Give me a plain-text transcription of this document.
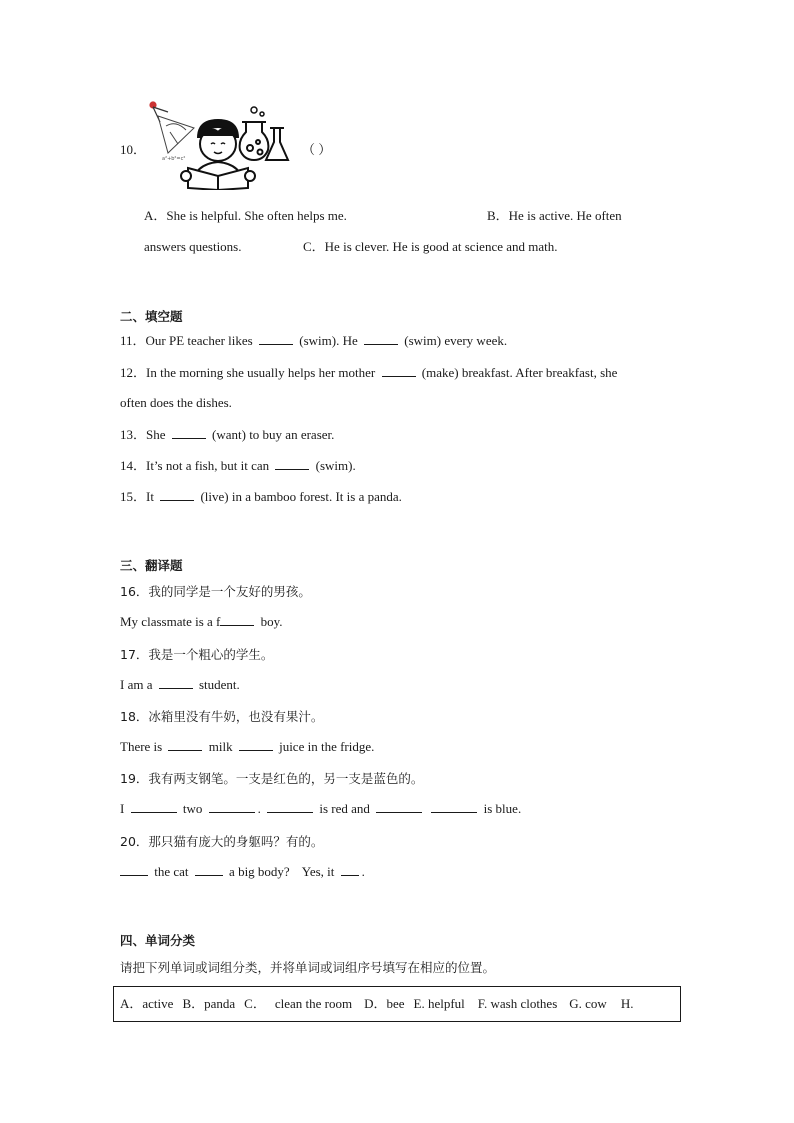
10．
a²+b²=c²
（ ）
A．She is helpful. She often helps me.	B．He is active. He often
answers questions.	C．He is clever. He is good at science and math.
二、填空题
11．Our PE teacher likes	(swim). He	(swim) every week.
12．In the morning she usually helps her mother	(make) breakfast. After breakfast, she
often does the dishes.
13．She	(want) to buy an eraser.
14．It’s not a fish, but it can	(swim).
15．It	(live) in a bamboo forest. It is a panda.
三、翻译题
16．我的同学是一个友好的男孩。
My classmate is a f	boy.
17．我是一个粗心的学生。
I am a	student.
18．冰箱里没有牛奶，也没有果汁。
There is	milk	juice in the fridge.
19．我有两支钢笔。一支是红色的，另一支是蓝色的。
I	two	.	is red and	is blue.
20．那只猫有庞大的身躯吗？有的。
the cat	a big body? Yes, it .
四、单词分类
请把下列单词或词组分类，并将单词或词组序号填写在相应的位置。
A．active B．panda C． clean the room D．bee E. helpful F. wash clothes G. cow H.
